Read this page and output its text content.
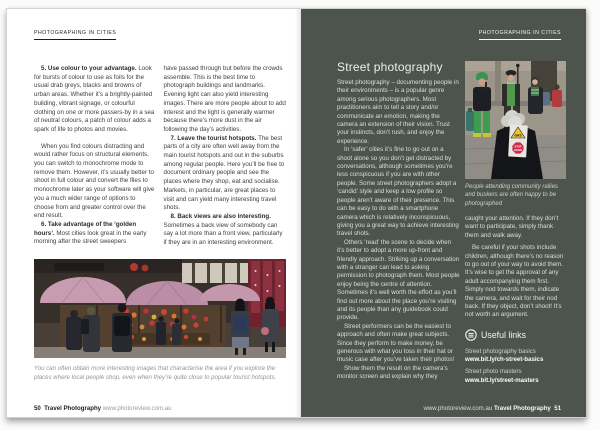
PHOTOGRAPHING IN CITIES

5. Use colour to your advantage. Look for bursts of colour to use as foils for the usual drab greys, blacks and browns of urban areas. Whether it’s a brightly-painted building, vibrant signage, or colourful clothing on one or more passers-by in a sea of neutral colours, a patch of colour adds a spark of life to photos and movies.

When you find colours distracting and would rather focus on structural elements, you can switch to monochrome mode to remove them. However, it’s usually better to shoot in full colour and convert the files to monochrome later as your software will give you a much wider range of options to choose from and greater control over the end result.

6. Take advantage of the ‘golden hours’. Most cities look great in the early morning after the street sweepers

have passed through but before the crowds assemble. This is the best time to photograph buildings and landmarks. Evening light can also yield interesting images. There are more people about to add interest and the light is generally warmer because there’s more dust in the air following the day’s activities.

7. Leave the tourist hotspots. The best parts of a city are often well away from the main tourist hotspots and out in the suburbs among regular people. Here you’ll be free to document ordinary people and see the places where they shop, eat and socialise. Markets, in particular, are great places to visit and can yield many interesting travel shots.

8. Back views are also interesting. Sometimes a back view of somebody can say a lot more than a front view, particularly if they are in an interesting environment.

You can often obtain more interesting images that characterise the area if you explore the places where local people shop, even when they’re quite close to popular tourist hotspots.
50 Travel Photography www.photoreview.com.au
PHOTOGRAPHING IN CITIES
Street photography

Street photography – documenting people in their environments – is a popular genre among serious photographers. Most practitioners aim to tell a story and/or communicate an emotion, making the camera an extension of their vision. Trust your instincts, don’t rush, and enjoy the experience.

In ‘safer’ cities it’s fine to go out on a shoot alone so you don’t get distracted by conversations, although sometimes you’re less conspicuous if you are with other people. Some street photographers adopt a ‘candid’ style and keep a low profile so people aren’t aware of their presence. This can be easy to do with a smartphone camera which is relatively inconspicuous, giving you a great way to achieve interesting travel shots.

Others ‘read’ the scene to decide when it’s better to adopt a more up-front and friendly approach. Striking up a conversation with a stranger can lead to asking permission to photograph them. Most people enjoy being the centre of attention. Sometimes it’s well worth the effort as you’ll find out more about the place you’re visiting and its people than any guidebook could provide.

Street performers can be the easiest to approach and often make great subjects. Since they perform to make money, be generous with what you toss in their hat or music case after you’ve taken their photos!

Show them the result on the camera’s monitor screen and explain why they

GAS
STOP
ADANI
People attending community rallies and buskers are often happy to be photographed

caught your attention. If they don’t want to participate, simply thank them and walk away.

Be careful if your shots include children, although there’s no reason to go out of your way to avoid them. It’s wise to get the approval of any adult accompanying them first. Simply nod towards them, indicate the camera, and wait for their nod back. If they object, don’t shoot! It’s not worth an argument.

Useful links
Street photography basics
www.bit.ly/ch-street-basics
Street photo masters
www.bit.ly/street-masters
www.photoreview.com.au Travel Photography 51
